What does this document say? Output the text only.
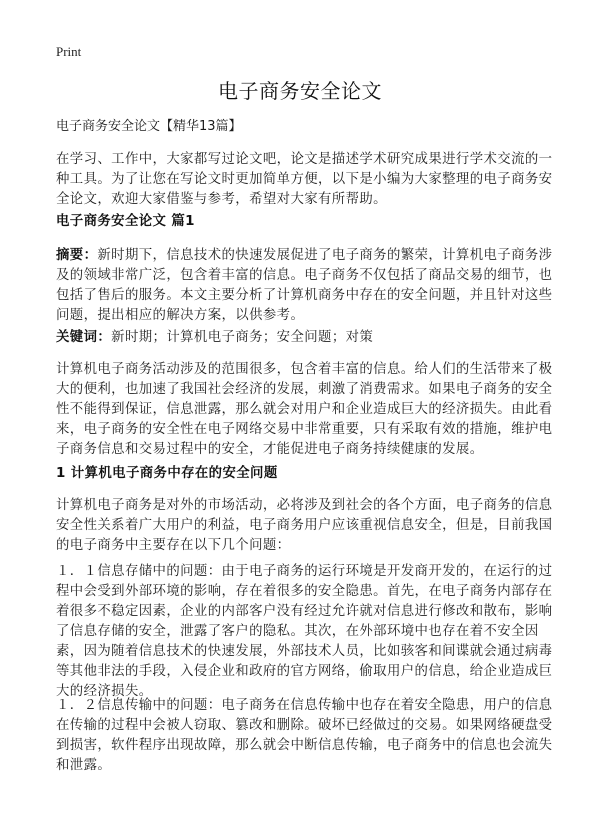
Print
电子商务安全论文
电子商务安全论文【精华13篇】
在学习、工作中，大家都写过论文吧，论文是描述学术研究成果进行学术交流的一种工具。为了让您在写论文时更加简单方便，以下是小编为大家整理的电子商务安全论文，欢迎大家借鉴与参考，希望对大家有所帮助。
电子商务安全论文 篇1
摘要：新时期下，信息技术的快速发展促进了电子商务的繁荣，计算机电子商务涉及的领域非常广泛，包含着丰富的信息。电子商务不仅包括了商品交易的细节，也包括了售后的服务。本文主要分析了计算机商务中存在的安全问题，并且针对这些问题，提出相应的解决方案，以供参考。
关键词：新时期；计算机电子商务；安全问题；对策
计算机电子商务活动涉及的范围很多，包含着丰富的信息。给人们的生活带来了极大的便利，也加速了我国社会经济的发展，刺激了消费需求。如果电子商务的安全性不能得到保证，信息泄露，那么就会对用户和企业造成巨大的经济损失。由此看来，电子商务的安全性在电子网络交易中非常重要，只有采取有效的措施，维护电子商务信息和交易过程中的安全，才能促进电子商务持续健康的发展。
1 计算机电子商务中存在的安全问题
计算机电子商务是对外的市场活动，必将涉及到社会的各个方面，电子商务的信息安全性关系着广大用户的利益，电子商务用户应该重视信息安全，但是，目前我国的电子商务中主要存在以下几个问题：
１．１信息存储中的问题：由于电子商务的运行环境是开发商开发的，在运行的过程中会受到外部环境的影响，存在着很多的安全隐患。首先，在电子商务内部存在着很多不稳定因素，企业的内部客户没有经过允许就对信息进行修改和散布，影响了信息存储的安全，泄露了客户的隐私。其次，在外部环境中也存在着不安全因素，因为随着信息技术的快速发展，外部技术人员，比如骇客和间谍就会通过病毒等其他非法的手段，入侵企业和政府的官方网络，偷取用户的信息，给企业造成巨大的经济损失。
１．２信息传输中的问题：电子商务在信息传输中也存在着安全隐患，用户的信息在传输的过程中会被人窃取、篡改和删除。破坏已经做过的交易。如果网络硬盘受到损害，软件程序出现故障，那么就会中断信息传输，电子商务中的信息也会流失和泄露。
